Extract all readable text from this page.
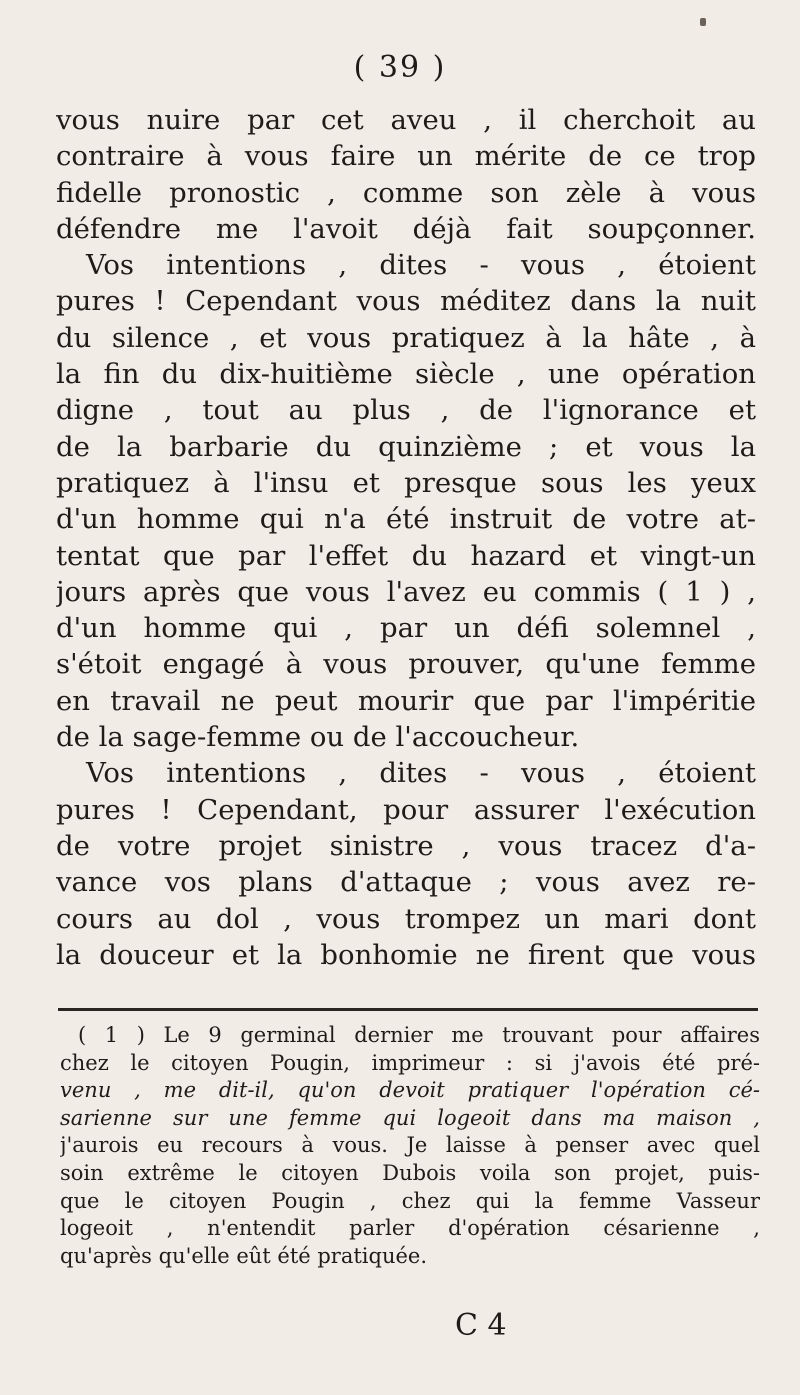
( 39 )
vous nuire par cet aveu , il cherchoit au
contraire à vous faire un mérite de ce trop
fidelle pronostic , comme son zèle à vous
défendre me l'avoit déjà fait soupçonner.
Vos intentions , dites - vous , étoient
pures ! Cependant vous méditez dans la nuit
du silence , et vous pratiquez à la hâte , à
la fin du dix-huitième siècle , une opération
digne , tout au plus , de l'ignorance et
de la barbarie du quinzième ; et vous la
pratiquez à l'insu et presque sous les yeux
d'un homme qui n'a été instruit de votre at-
tentat que par l'effet du hazard et vingt-un
jours après que vous l'avez eu commis ( 1 ) ,
d'un homme qui , par un défi solemnel ,
s'étoit engagé à vous prouver, qu'une femme
en travail ne peut mourir que par l'impéritie
de la sage-femme ou de l'accoucheur.
Vos intentions , dites - vous , étoient
pures ! Cependant, pour assurer l'exécution
de votre projet sinistre , vous tracez d'a-
vance vos plans d'attaque ; vous avez re-
cours au dol , vous trompez un mari dont
la douceur et la bonhomie ne firent que vous
( 1 ) Le 9 germinal dernier me trouvant pour affaires
chez le citoyen Pougin, imprimeur : si j'avois été pré-
venu , me dit-il, qu'on devoit pratiquer l'opération cé-
sarienne sur une femme qui logeoit dans ma maison ,
j'aurois eu recours à vous. Je laisse à penser avec quel
soin extrême le citoyen Dubois voila son projet, puis-
que le citoyen Pougin , chez qui la femme Vasseur
logeoit , n'entendit parler d'opération césarienne ,
qu'après qu'elle eût été pratiquée.
C 4
